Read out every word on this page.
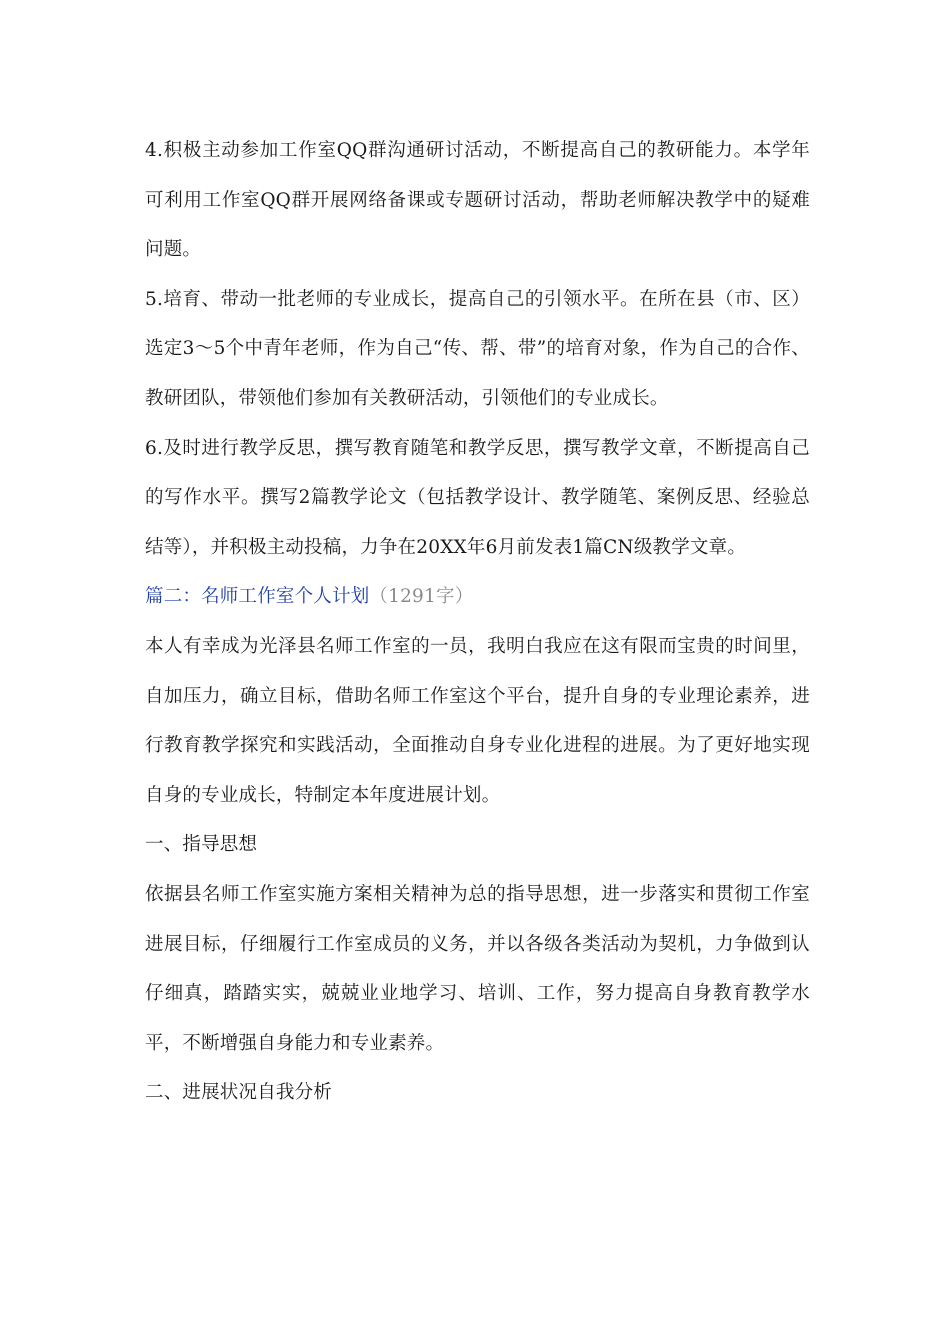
4.积极主动参加工作室QQ群沟通研讨活动，不断提高自己的教研能力。本学年可利用工作室QQ群开展网络备课或专题研讨活动，帮助老师解决教学中的疑难问题。

5.培育、带动一批老师的专业成长，提高自己的引领水平。在所在县（市、区）选定3～5个中青年老师，作为自己“传、帮、带”的培育对象，作为自己的合作、教研团队，带领他们参加有关教研活动，引领他们的专业成长。

6.及时进行教学反思，撰写教育随笔和教学反思，撰写教学文章，不断提高自己的写作水平。撰写2篇教学论文（包括教学设计、教学随笔、案例反思、经验总结等），并积极主动投稿，力争在20XX年6月前发表1篇CN级教学文章。

篇二：名师工作室个人计划（1291字）

本人有幸成为光泽县名师工作室的一员，我明白我应在这有限而宝贵的时间里，自加压力，确立目标，借助名师工作室这个平台，提升自身的专业理论素养，进行教育教学探究和实践活动，全面推动自身专业化进程的进展。为了更好地实现自身的专业成长，特制定本年度进展计划。

一、指导思想

依据县名师工作室实施方案相关精神为总的指导思想，进一步落实和贯彻工作室进展目标，仔细履行工作室成员的义务，并以各级各类活动为契机，力争做到认仔细真，踏踏实实，兢兢业业地学习、培训、工作，努力提高自身教育教学水平，不断增强自身能力和专业素养。

二、进展状况自我分析
